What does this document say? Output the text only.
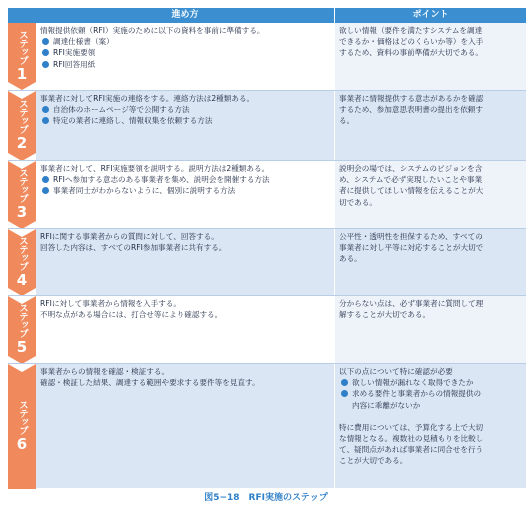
進め方	ポイント
ステップ
1

情報提供依頼（RFI）実施のために以下の資料を事前に準備する。

調達仕様書（案）
RFI実施要領
RFI回答用紙

欲しい情報（要件を満たすシステムを調達

できるか・価格はどのくらいか等）を入手

するため、資料の事前準備が大切である。

ステップ
2

事業者に対してRFI実施の連絡をする。連絡方法は2種類ある。

自治体のホームページ等で公開する方法
特定の業者に連絡し、情報収集を依頼する方法

事業者に情報提供する意志があるかを確認

するため、参加意思表明書の提出を依頼す

る。

ステップ
3

事業者に対して、RFI実施要領を説明する。説明方法は2種類ある。

RFIへ参加する意志のある事業者を集め、説明会を開催する方法
事業者同士がわからないように、個別に説明する方法

説明会の場では、システムのビジョンを含

め、システムで必ず実現したいことや事業

者に提供してほしい情報を伝えることが大

切である。

ステップ
4

RFIに関する事業者からの質問に対して、回答する。

回答した内容は、すべてのRFI参加事業者に共有する。

公平性・透明性を担保するため、すべての

事業者に対し平等に対応することが大切で

ある。

ステップ
5

RFIに対して事業者から情報を入手する。

不明な点がある場合には、打合せ等により確認する。

分からない点は、必ず事業者に質問して理

解することが大切である。

ステップ
6

事業者からの情報を確認・検証する。

確認・検証した結果、調達する範囲や要求する要件等を見直す。

以下の点について特に確認が必要

欲しい情報が漏れなく取得できたか
求める要件と事業者からの情報提供の

内容に乖離がないか

特に費用については、予算化する上で大切

な情報となる。複数社の見積もりを比較し

て、疑問点があれば事業者に同合せを行う

ことが大切である。

図5−18　RFI実施のステップ
